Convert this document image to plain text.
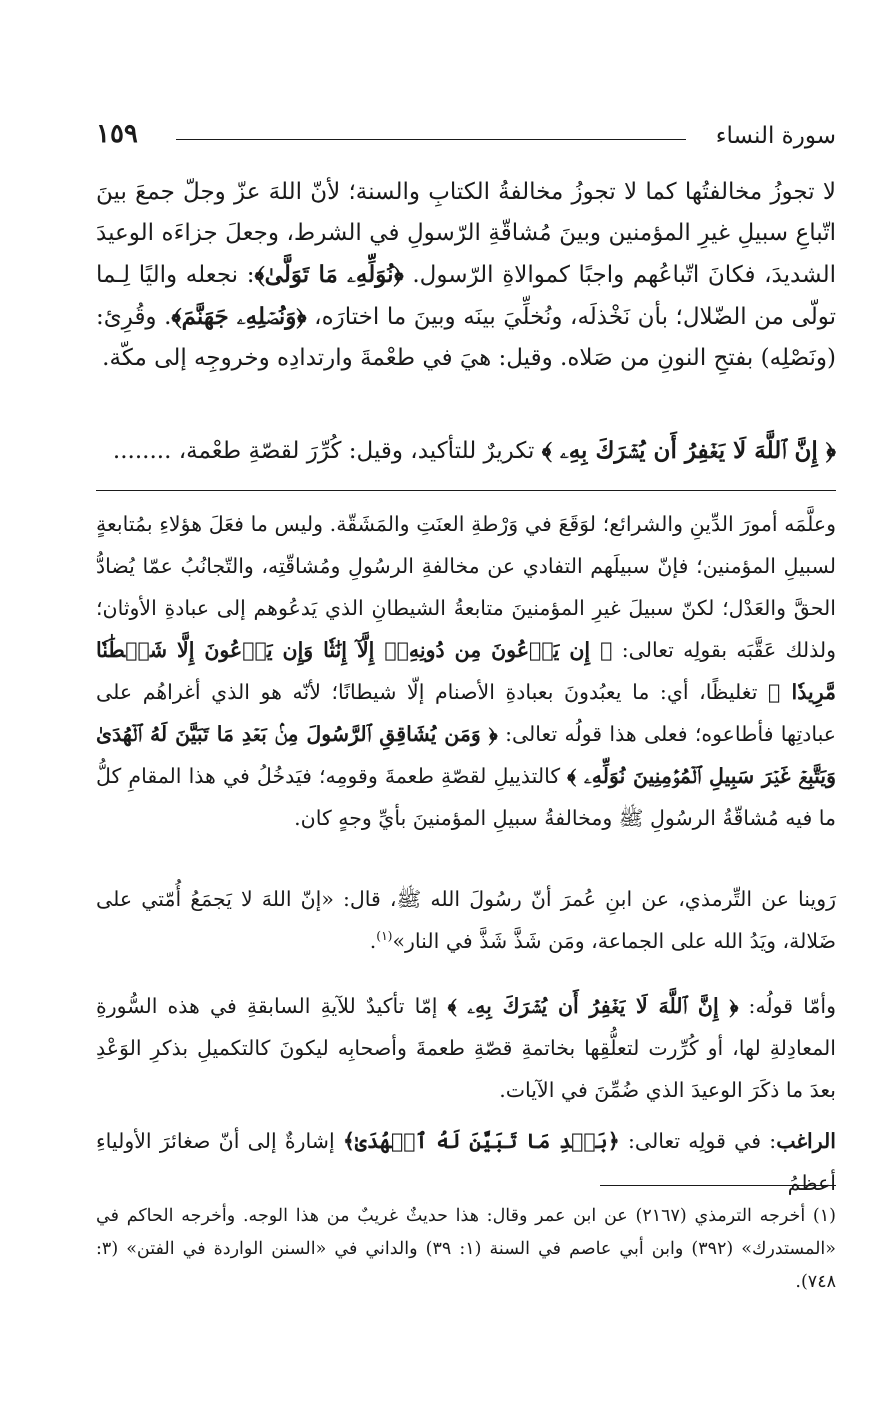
سورة النساء
١٥٩

لا تجوزُ مخالفتُها كما لا تجوزُ مخالفةُ الكتابِ والسنة؛ لأنّ اللهَ عزّ وجلّ جمعَ بينَ اتّباعِ سبيلِ غيرِ المؤمنين وبينَ مُشاقّةِ الرّسولِ في الشرط، وجعلَ جزاءَه الوعيدَ الشديدَ، فكانَ اتّباعُهم واجبًا كموالاةِ الرّسول. ﴿نُوَلِّهِۦ مَا تَوَلَّىٰ﴾: نجعله واليًا لِـما تولّى من الضّلال؛ بأن نَخْذلَه، ونُخلِّيَ بينَه وبينَ ما اختارَه، ﴿وَنُصۡلِهِۦ جَهَنَّمَ﴾. وقُرِئ: (ونَصْلِه) بفتحِ النونِ من صَلاه. وقيل: هيَ في طعْمةَ وارتدادِه وخروجِه إلى مكّة.

﴿ إِنَّ ٱللَّهَ لَا يَغۡفِرُ أَن يُشۡرَكَ بِهِۦ ﴾ تكريرٌ للتأكيد، وقيل: كُرِّرَ لقصّةِ طعْمة، ........

وعلَّمَه أمورَ الدِّينِ والشرائع؛ لوَقَعَ في وَرْطةِ العنَتِ والمَشَقّة. وليس ما فعَلَ هؤلاءِ بمُتابعةٍ لسبيلِ المؤمنين؛ فإنّ سبيلَهم التفادي عن مخالفةِ الرسُولِ ومُشاقّتِه، والتّجانُبُ عمّا يُضادُّ الحقَّ والعَدْل؛ لكنّ سبيلَ غيرِ المؤمنينَ متابعةُ الشيطانِ الذي يَدعُوهم إلى عبادةِ الأوثان؛ ولذلك عَقَّبَه بقولِه تعالى: ﴿ إِن يَدۡعُونَ مِن دُونِهِۦٓ إِلَّآ إِنَٰثٗا وَإِن يَدۡعُونَ إِلَّا شَيۡطَٰنٗا مَّرِيدٗا ﴾ تغليظًا، أي: ما يعبُدونَ بعبادةِ الأصنام إلّا شيطانًا؛ لأنّه هو الذي أغراهُم على عبادتِها فأطاعوه؛ فعلى هذا قولُه تعالى: ﴿ وَمَن يُشَاقِقِ ٱلرَّسُولَ مِنۢ بَعۡدِ مَا تَبَيَّنَ لَهُ ٱلۡهُدَىٰ وَيَتَّبِعۡ غَيۡرَ سَبِيلِ ٱلۡمُؤۡمِنِينَ نُوَلِّهِۦ ﴾ كالتذييلِ لقصّةِ طعمةَ وقومِه؛ فيَدخُلُ في هذا المقامِ كلُّ ما فيه مُشاقّةُ الرسُولِ ﷺ ومخالفةُ سبيلِ المؤمنينَ بأيِّ وجهٍ كان.

رَوينا عن التِّرمذي، عن ابنِ عُمرَ أنّ رسُولَ الله ﷺ، قال: «إنّ اللهَ لا يَجمَعُ أُمّتي على ضَلالة، ويَدُ الله على الجماعة، ومَن شَذَّ شَذَّ في النار»$^{(١)}$.

وأمّا قولُه: ﴿ إِنَّ ٱللَّهَ لَا يَغۡفِرُ أَن يُشۡرَكَ بِهِۦ ﴾ إمّا تأكيدٌ للآيةِ السابقةِ في هذه السُّورةِ المعادِلةِ لها، أو كُرِّرت لتعلُّقِها بخاتمةِ قصّةِ طعمةَ وأصحابِه ليكونَ كالتكميلِ بذكرِ الوَعْدِ بعدَ ما ذكَرَ الوعيدَ الذي ضُمِّنَ في الآيات.

الراغب: في قولِه تعالى: ﴿بَعۡدِ مَا تَبَيَّنَ لَهُ ٱلۡهُدَىٰ﴾ إشارةٌ إلى أنّ صغائرَ الأولياءِ أعظمُ

(١) أخرجه الترمذي (٢١٦٧) عن ابن عمر وقال: هذا حديثٌ غريبٌ من هذا الوجه. وأخرجه الحاكم في «المستدرك» (٣٩٢) وابن أبي عاصم في السنة (١: ٣٩) والداني في «السنن الواردة في الفتن» (٣: ٧٤٨).
